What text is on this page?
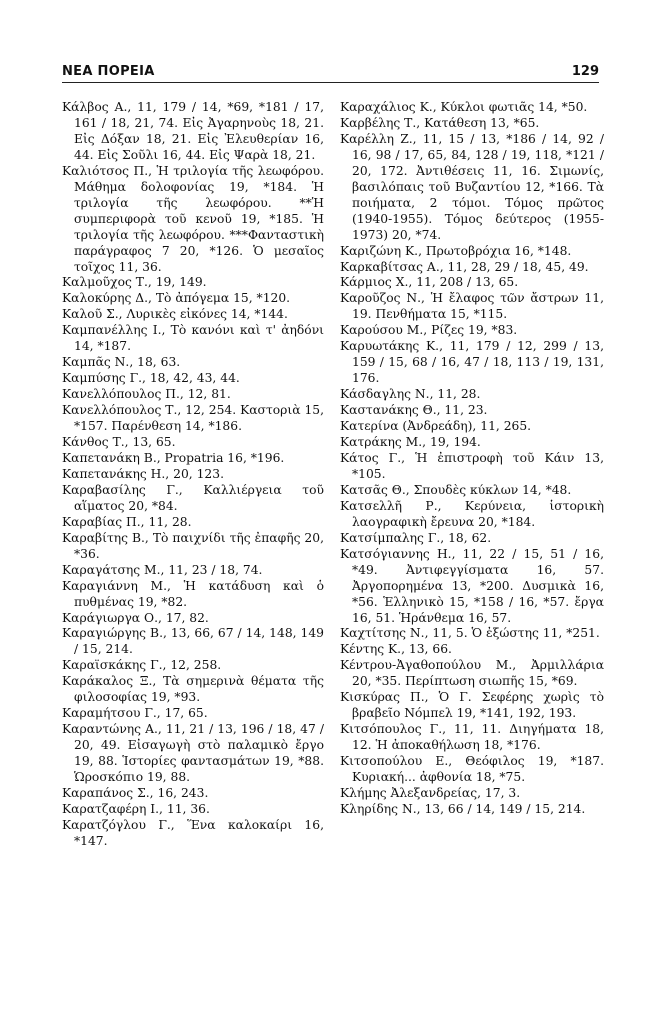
ΝΕΑ ΠΟΡΕΙΑ	129

Κάλβος Α., 11, 179 / 14, *69, *181 / 17, 161 / 18, 21, 74. Εἰς Ἀγαρηνοὺς 18, 21. Εἰς Δόξαν 18, 21. Εἰς Ἐλευθερίαν 16, 44. Εἰς Σοῦλι 16, 44. Εἰς Ψαρὰ 18, 21.

Καλιότσος Π., Ἡ τριλογία τῆς λεωφόρου. Μάθημα δολοφονίας 19, *184. Ἡ τριλογία τῆς λεωφόρου. **Ἡ συμπεριφορὰ τοῦ κενοῦ 19, *185. Ἡ τριλογία τῆς λεωφόρου. ***Φανταστικὴ παράγραφος 7 20, *126. Ὁ μεσαῖος τοῖχος 11, 36.

Καλμοῦχος Τ., 19, 149.

Καλοκύρης Δ., Τὸ ἀπόγεμα 15, *120.

Καλοῦ Σ., Λυρικὲς εἰκόνες 14, *144.

Καμπανέλλης Ι., Τὸ κανόνι καὶ τ' ἀηδόνι 14, *187.

Καμπᾶς Ν., 18, 63.

Καμπύσης Γ., 18, 42, 43, 44.

Κανελλόπουλος Π., 12, 81.

Κανελλόπουλος Τ., 12, 254. Καστοριὰ 15, *157. Παρένθεση 14, *186.

Κάνθος Τ., 13, 65.

Καπετανάκη Β., Propatria 16, *196.

Καπετανάκης Η., 20, 123.

Καραβασίλης Γ., Καλλιέργεια τοῦ αἵματος 20, *84.

Καραβίας Π., 11, 28.

Καραβίτης Β., Τὸ παιχνίδι τῆς ἐπαφῆς 20, *36.

Καραγάτσης Μ., 11, 23 / 18, 74.

Καραγιάννη Μ., Ἡ κατάδυση καὶ ὁ πυθμένας 19, *82.

Καράγιωργα Ο., 17, 82.

Καραγιώργης Β., 13, 66, 67 / 14, 148, 149 / 15, 214.

Καραϊσκάκης Γ., 12, 258.

Καράκαλος Ξ., Τὰ σημερινὰ θέματα τῆς φιλοσοφίας 19, *93.

Καραμήτσου Γ., 17, 65.

Καραντώνης Α., 11, 21 / 13, 196 / 18, 47 / 20, 49. Εἰσαγωγὴ στὸ παλαμικὸ ἔργο 19, 88. Ἱστορίες φαντασμάτων 19, *88. Ὡροσκόπιο 19, 88.

Καραπάνος Σ., 16, 243.

Καρατζαφέρη Ι., 11, 36.

Καρατζόγλου Γ., Ἕνα καλοκαίρι 16, *147.

Καραχάλιος Κ., Κύκλοι φωτιᾶς 14, *50.

Καρβέλης Τ., Κατάθεση 13, *65.

Καρέλλη Ζ., 11, 15 / 13, *186 / 14, 92 / 16, 98 / 17, 65, 84, 128 / 19, 118, *121 / 20, 172. Ἀντιθέσεις 11, 16. Σιμωνίς, βασιλόπαις τοῦ Βυζαντίου 12, *166. Τὰ ποιήματα, 2 τόμοι. Τόμος πρῶτος (1940-1955). Τόμος δεύτερος (1955-1973) 20, *74.

Καριζώνη Κ., Πρωτοβρόχια 16, *148.

Καρκαβίτσας Α., 11, 28, 29 / 18, 45, 49.

Κάρμιος Χ., 11, 208 / 13, 65.

Καροῦζος Ν., Ἡ ἔλαφος τῶν ἄστρων 11, 19. Πενθήματα 15, *115.

Καρούσου Μ., Ρίζες 19, *83.

Καρυωτάκης Κ., 11, 179 / 12, 299 / 13, 159 / 15, 68 / 16, 47 / 18, 113 / 19, 131, 176.

Κάσδαγλης Ν., 11, 28.

Καστανάκης Θ., 11, 23.

Κατερίνα (Ἀνδρεάδη), 11, 265.

Κατράκης Μ., 19, 194.

Κάτος Γ., Ἡ ἐπιστροφὴ τοῦ Κάιν 13, *105.

Κατσᾶς Θ., Σπουδὲς κύκλων 14, *48.

Κατσελλῆ Ρ., Κερύνεια, ἱστορικὴ λαογραφικὴ ἔρευνα 20, *184.

Κατσίμπαλης Γ., 18, 62.

Κατσόγιαννης Η., 11, 22 / 15, 51 / 16, *49. Ἀντιφεγγίσματα 16, 57. Ἀργοπορημένα 13, *200. Δυσμικὰ 16, *56. Ἑλληνικὸ 15, *158 / 16, *57. ἔργα 16, 51. Ἡράνθεμα 16, 57.

Καχτίτσης Ν., 11, 5. Ὁ ἐξώστης 11, *251.

Κέντης Κ., 13, 66.

Κέντρου-Ἀγαθοπούλου Μ., Ἀρμιλλάρια 20, *35. Περίπτωση σιωπῆς 15, *69.

Κισκύρας Π., Ὁ Γ. Σεφέρης χωρὶς τὸ βραβεῖο Νόμπελ 19, *141, 192, 193.

Κιτσόπουλος Γ., 11, 11. Διηγήματα 18, 12. Ἡ ἀποκαθήλωση 18, *176.

Κιτσοπούλου Ε., Θεόφιλος 19, *187. Κυριακή... ἀφθονία 18, *75.

Κλήμης Ἀλεξανδρείας, 17, 3.

Κληρίδης Ν., 13, 66 / 14, 149 / 15, 214.
